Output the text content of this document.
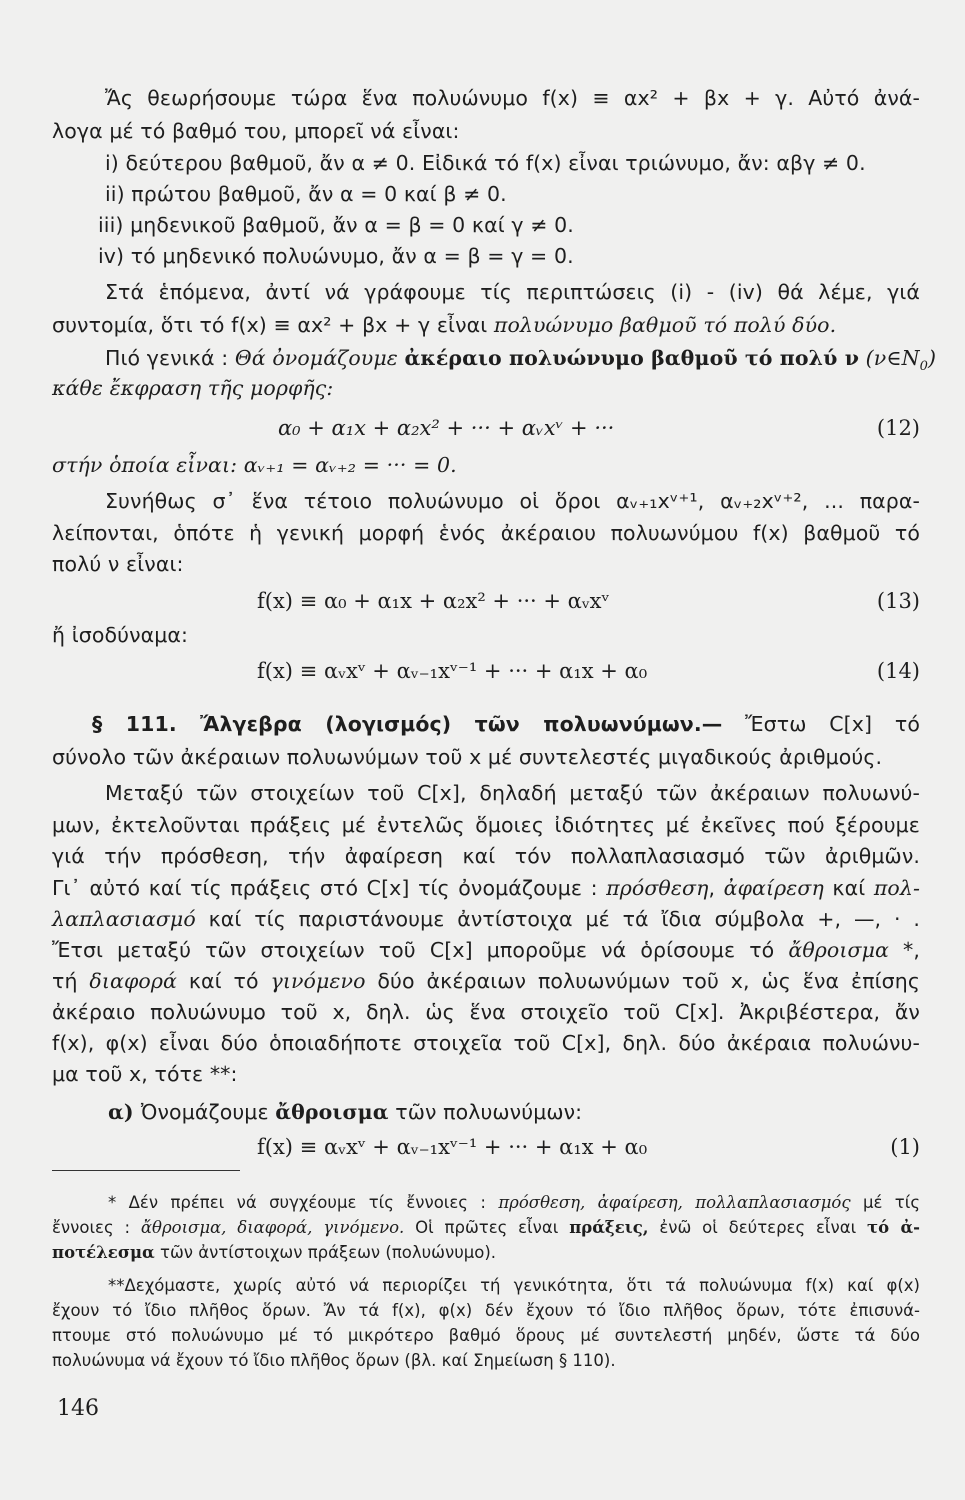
Ἄς θεωρήσουμε τώρα ἕνα πολυώνυμο f(x) ≡ αx² + βx + γ. Αὐτό ἀνά-
λογα μέ τό βαθμό του, μπορεῖ νά εἶναι:
i) δεύτερου βαθμοῦ, ἄν α ≠ 0. Εἰδικά τό f(x) εἶναι τριώνυμο, ἄν: αβγ ≠ 0.
ii) πρώτου βαθμοῦ, ἄν α = 0 καί β ≠ 0.
iii) μηδενικοῦ βαθμοῦ, ἄν α = β = 0 καί γ ≠ 0.
iv) τό μηδενικό πολυώνυμο, ἄν α = β = γ = 0.
Στά ἑπόμενα, ἀντί νά γράφουμε τίς περιπτώσεις (i) - (iv) θά λέμε, γιά
συντομία, ὅτι τό f(x) ≡ αx² + βx + γ εἶναι πολυώνυμο βαθμοῦ τό πολύ δύο.
Πιό γενικά : Θά ὀνομάζουμε ἀκέραιο πολυώνυμο βαθμοῦ τό πολύ ν $(\nu\in N_0)$
κάθε ἔκφραση τῆς μορφῆς:
α₀ + α₁x + α₂x² + ··· + αᵥxᵛ + ···	(12)
στήν ὁποία εἶναι: αᵥ₊₁ = αᵥ₊₂ = ··· = 0.
Συνήθως σ᾽ ἕνα τέτοιο πολυώνυμο οἱ ὅροι αᵥ₊₁xᵛ⁺¹, αᵥ₊₂xᵛ⁺², ... παρα-
λείπονται, ὁπότε ἡ γενική μορφή ἑνός ἀκέραιου πολυωνύμου f(x) βαθμοῦ τό
πολύ ν εἶναι:
f(x) ≡ α₀ + α₁x + α₂x² + ··· + αᵥxᵛ	(13)
ἤ ἰσοδύναμα:
f(x) ≡ αᵥxᵛ + αᵥ₋₁xᵛ⁻¹ + ··· + α₁x + α₀	(14)
§ 111. Ἄλγεβρα (λογισμός) τῶν πολυωνύμων.— Ἔστω C[x] τό
σύνολο τῶν ἀκέραιων πολυωνύμων τοῦ x μέ συντελεστές μιγαδικούς ἀριθμούς.
Μεταξύ τῶν στοιχείων τοῦ C[x], δηλαδή μεταξύ τῶν ἀκέραιων πολυωνύ-
μων, ἐκτελοῦνται πράξεις μέ ἐντελῶς ὅμοιες ἰδιότητες μέ ἐκεῖνες πού ξέρουμε
γιά τήν πρόσθεση, τήν ἀφαίρεση καί τόν πολλαπλασιασμό τῶν ἀριθμῶν.
Γι᾽ αὐτό καί τίς πράξεις στό C[x] τίς ὀνομάζουμε : πρόσθεση, ἀφαίρεση καί πολ-
λαπλασιασμό καί τίς παριστάνουμε ἀντίστοιχα μέ τά ἴδια σύμβολα +, —, · .
Ἔτσι μεταξύ τῶν στοιχείων τοῦ C[x] μποροῦμε νά ὁρίσουμε τό ἄθροισμα *,
τή διαφορά καί τό γινόμενο δύο ἀκέραιων πολυωνύμων τοῦ x, ὡς ἕνα ἐπίσης
ἀκέραιο πολυώνυμο τοῦ x, δηλ. ὡς ἕνα στοιχεῖο τοῦ C[x]. Ἀκριβέστερα, ἄν
f(x), φ(x) εἶναι δύο ὁποιαδήποτε στοιχεῖα τοῦ C[x], δηλ. δύο ἀκέραια πολυώνυ-
μα τοῦ x, τότε **:
α) Ὀνομάζουμε ἄθροισμα τῶν πολυωνύμων:
f(x) ≡ αᵥxᵛ + αᵥ₋₁xᵛ⁻¹ + ··· + α₁x + α₀	(1)
* Δέν πρέπει νά συγχέουμε τίς ἔννοιες : πρόσθεση, ἀφαίρεση, πολλαπλασιασμός μέ τίς
ἔννοιες : ἄθροισμα, διαφορά, γινόμενο. Οἱ πρῶτες εἶναι πράξεις, ἐνῶ οἱ δεύτερες εἶναι τό ἀ-
ποτέλεσμα τῶν ἀντίστοιχων πράξεων (πολυώνυμο).
**Δεχόμαστε, χωρίς αὐτό νά περιορίζει τή γενικότητα, ὅτι τά πολυώνυμα f(x) καί φ(x)
ἔχουν τό ἴδιο πλῆθος ὅρων. Ἄν τά f(x), φ(x) δέν ἔχουν τό ἴδιο πλῆθος ὅρων, τότε ἐπισυνά-
πτουμε στό πολυώνυμο μέ τό μικρότερο βαθμό ὅρους μέ συντελεστή μηδέν, ὥστε τά δύο
πολυώνυμα νά ἔχουν τό ἴδιο πλῆθος ὅρων (βλ. καί Σημείωση § 110).
146
